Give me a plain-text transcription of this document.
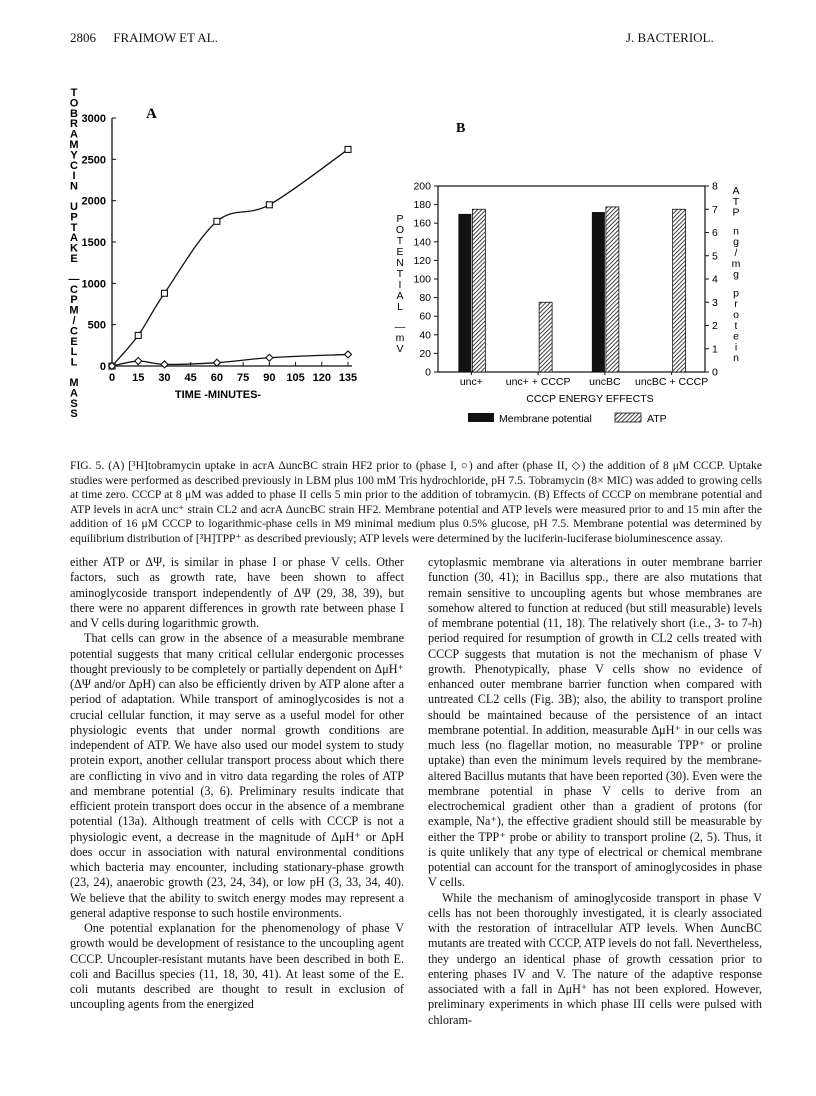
2806 FRAIMOW ET AL.	J. BACTERIOL.
0
500
1000
1500
2000
2500
3000
0 15 30 45 60 75 90 105 120 135
A
TIME -MINUTES-
T
O
B
R
A
M
Y
C
I
N
U
P
T
A
K
E
—
C
P
M
/
C
E
L
L
M
A
S
S
B
0
20
40
60
80
100
120
140
160
180
200
0
1
2
3
4
5
6
7
8
unc+ unc+ + CCCP uncBC uncBC + CCCP
CCCP ENERGY EFFECTS
P
O
T
E
N
T
I
A
L
—
m
V
A
T
P
n
g
/
m
g
p
r
o
t
e
i
n
Membrane potential	ATP
FIG. 5. (A) [³H]tobramycin uptake in acrA ΔuncBC strain HF2 prior to (phase I, ○) and after (phase II, ◇) the addition of 8 μM CCCP. Uptake studies were performed as described previously in LBM plus 100 mM Tris hydrochloride, pH 7.5. Tobramycin (8× MIC) was added to growing cells at time zero. CCCP at 8 μM was added to phase II cells 5 min prior to the addition of tobramycin. (B) Effects of CCCP on membrane potential and ATP levels in acrA unc⁺ strain CL2 and acrA ΔuncBC strain HF2. Membrane potential and ATP levels were measured prior to and 15 min after the addition of 16 μM CCCP to logarithmic-phase cells in M9 minimal medium plus 0.5% glucose, pH 7.5. Membrane potential was determined by equilibrium distribution of [³H]TPP⁺ as described previously; ATP levels were determined by the luciferin-luciferase bioluminescence assay.

either ATP or ΔΨ, is similar in phase I or phase V cells. Other factors, such as growth rate, have been shown to affect aminoglycoside transport independently of ΔΨ (29, 38, 39), but there were no apparent differences in growth rate between phase I and V cells during logarithmic growth.

That cells can grow in the absence of a measurable membrane potential suggests that many critical cellular endergonic processes thought previously to be completely or partially dependent on ΔμH⁺ (ΔΨ and/or ΔpH) can also be efficiently driven by ATP alone after a period of adaptation. While transport of aminoglycosides is not a crucial cellular function, it may serve as a useful model for other physiologic events that under normal growth conditions are independent of ATP. We have also used our model system to study protein export, another cellular transport process about which there are conflicting in vivo and in vitro data regarding the roles of ATP and membrane potential (3, 6). Preliminary results indicate that efficient protein transport does occur in the absence of a membrane potential (13a). Although treatment of cells with CCCP is not a physiologic event, a decrease in the magnitude of ΔμH⁺ or ΔpH does occur in association with natural environmental conditions which bacteria may encounter, including stationary-phase growth (23, 24), anaerobic growth (23, 24, 34), or low pH (3, 33, 34, 40). We believe that the ability to switch energy modes may represent a general adaptive response to such hostile environments.

One potential explanation for the phenomenology of phase V growth would be development of resistance to the uncoupling agent CCCP. Uncoupler-resistant mutants have been described in both E. coli and Bacillus species (11, 18, 30, 41). At least some of the E. coli mutants described are thought to result in exclusion of uncoupling agents from the energized

cytoplasmic membrane via alterations in outer membrane barrier function (30, 41); in Bacillus spp., there are also mutations that remain sensitive to uncoupling agents but whose membranes are somehow altered to function at reduced (but still measurable) levels of membrane potential (11, 18). The relatively short (i.e., 3- to 7-h) period required for resumption of growth in CL2 cells treated with CCCP suggests that mutation is not the mechanism of phase V growth. Phenotypically, phase V cells show no evidence of enhanced outer membrane barrier function when compared with untreated CL2 cells (Fig. 3B); also, the ability to transport proline should be maintained because of the persistence of an intact membrane potential. In addition, measurable ΔμH⁺ in our cells was much less (no flagellar motion, no measurable TPP⁺ or proline uptake) than even the minimum levels required by the membrane-altered Bacillus mutants that have been reported (30). Even were the membrane potential in phase V cells to derive from an electrochemical gradient other than a gradient of protons (for example, Na⁺), the effective gradient should still be measurable by either the TPP⁺ probe or ability to transport proline (2, 5). Thus, it is quite unlikely that any type of electrical or chemical membrane potential can account for the transport of aminoglycosides in phase V cells.

While the mechanism of aminoglycoside transport in phase V cells has not been thoroughly investigated, it is clearly associated with the restoration of intracellular ATP levels. When ΔuncBC mutants are treated with CCCP, ATP levels do not fall. Nevertheless, they undergo an identical phase of growth cessation prior to entering phases IV and V. The nature of the adaptive response associated with a fall in ΔμH⁺ has not been explored. However, preliminary experiments in which phase III cells were pulsed with chloram-
